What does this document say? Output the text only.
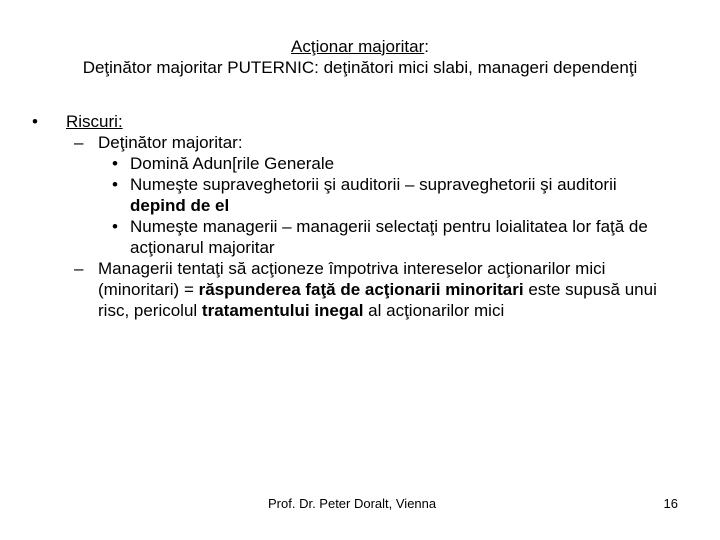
Acţionar majoritar:
Deţinător majoritar PUTERNIC: deţinători mici slabi, manageri dependenţi
• Riscuri:
– Deţinător majoritar:
• Domină Adun[rile Generale
• Numeşte supraveghetorii şi auditorii – supraveghetorii şi auditorii depind de el
• Numeşte managerii – managerii selectaţi pentru loialitatea lor faţă de acţionarul majoritar
– Managerii tentaţi să acţioneze împotriva intereselor acţionarilor mici (minoritari) = răspunderea faţă de acţionarii minoritari este supusă unui risc, pericolul tratamentului inegal al acţionarilor mici
Prof. Dr. Peter Doralt, Vienna	16
